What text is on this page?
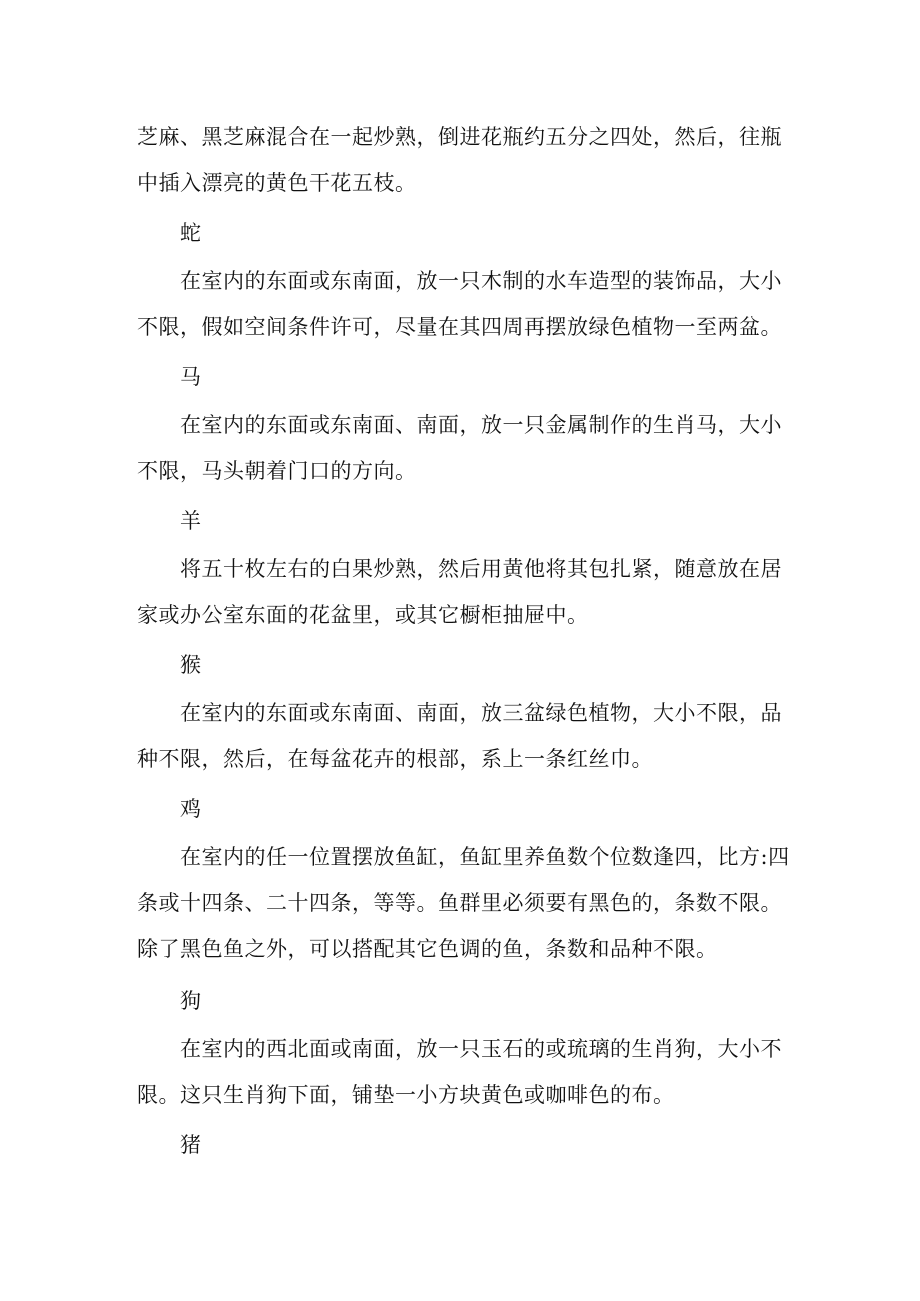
芝麻、黑芝麻混合在一起炒熟，倒进花瓶约五分之四处，然后，往瓶中插入漂亮的黄色干花五枝。

蛇

在室内的东面或东南面，放一只木制的水车造型的装饰品，大小不限，假如空间条件许可，尽量在其四周再摆放绿色植物一至两盆。

马

在室内的东面或东南面、南面，放一只金属制作的生肖马，大小不限，马头朝着门口的方向。

羊

将五十枚左右的白果炒熟，然后用黄他将其包扎紧，随意放在居家或办公室东面的花盆里，或其它橱柜抽屉中。

猴

在室内的东面或东南面、南面，放三盆绿色植物，大小不限，品种不限，然后，在每盆花卉的根部，系上一条红丝巾。

鸡

在室内的任一位置摆放鱼缸，鱼缸里养鱼数个位数逢四，比方:四条或十四条、二十四条，等等。鱼群里必须要有黑色的，条数不限。除了黑色鱼之外，可以搭配其它色调的鱼，条数和品种不限。

狗

在室内的西北面或南面，放一只玉石的或琉璃的生肖狗，大小不限。这只生肖狗下面，铺垫一小方块黄色或咖啡色的布。

猪
